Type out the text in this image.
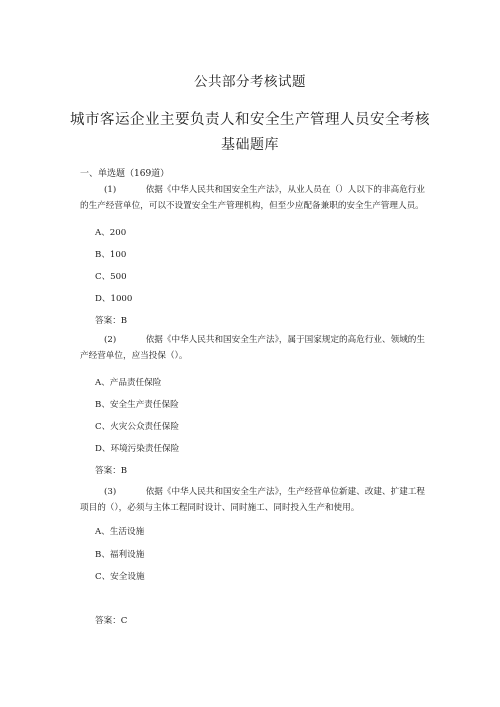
公共部分考核试题
城市客运企业主要负责人和安全生产管理人员安全考核
基础题库

一、单选题（169道）

(1)	依据《中华人民共和国安全生产法》，从业人员在（）人以下的非高危行业
的生产经营单位，可以不设置安全生产管理机构，但至少应配备兼职的安全生产管理人员。

A、200

B、100

C、500

D、1000

答案：B

(2)	依据《中华人民共和国安全生产法》，属于国家规定的高危行业、领域的生
产经营单位，应当投保（）。

A、产品责任保险

B、安全生产责任保险

C、火灾公众责任保险

D、环境污染责任保险

答案：B

(3)	依据《中华人民共和国安全生产法》，生产经营单位新建、改建、扩建工程
项目的（），必须与主体工程同时设计、同时施工、同时投入生产和使用。

A、生活设施

B、福利设施

C、安全设施

答案：C
